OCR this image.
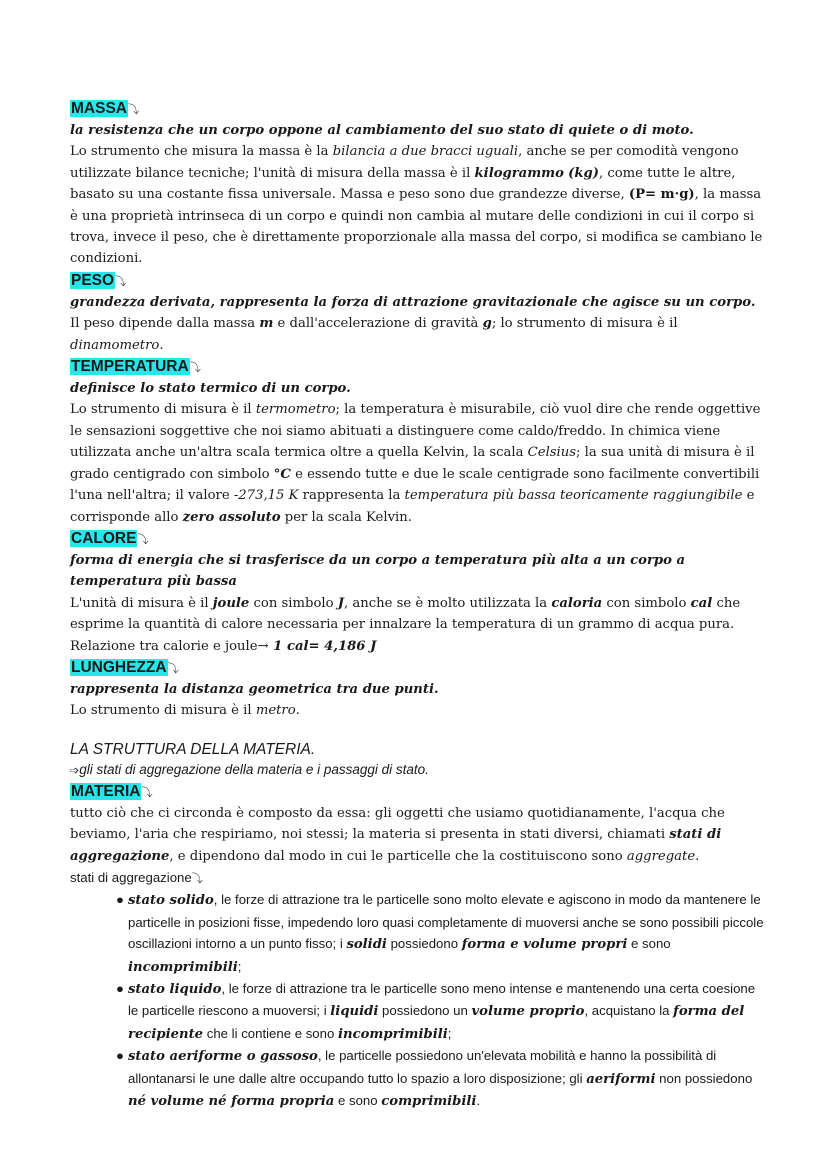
MASSA⤵

la resistenza che un corpo oppone al cambiamento del suo stato di quiete o di moto.

Lo strumento che misura la massa è la bilancia a due bracci uguali, anche se per comodità vengono utilizzate bilance tecniche; l'unità di misura della massa è il kilogrammo (kg), come tutte le altre, basato su una costante fissa universale. Massa e peso sono due grandezze diverse, (P= m·g), la massa è una proprietà intrinseca di un corpo e quindi non cambia al mutare delle condizioni in cui il corpo si trova, invece il peso, che è direttamente proporzionale alla massa del corpo, si modifica se cambiano le condizioni.

PESO⤵

grandezza derivata, rappresenta la forza di attrazione gravitazionale che agisce su un corpo.

Il peso dipende dalla massa m e dall'accelerazione di gravità g; lo strumento di misura è il dinamometro.

TEMPERATURA⤵

definisce lo stato termico di un corpo.

Lo strumento di misura è il termometro; la temperatura è misurabile, ciò vuol dire che rende oggettive le sensazioni soggettive che noi siamo abituati a distinguere come caldo/freddo. In chimica viene utilizzata anche un'altra scala termica oltre a quella Kelvin, la scala Celsius; la sua unità di misura è il grado centigrado con simbolo °C e essendo tutte e due le scale centigrade sono facilmente convertibili l'una nell'altra; il valore -273,15 K rappresenta la temperatura più bassa teoricamente raggiungibile e corrisponde allo zero assoluto per la scala Kelvin.

CALORE⤵

forma di energia che si trasferisce da un corpo a temperatura più alta a un corpo a temperatura più bassa

L'unità di misura è il joule con simbolo J, anche se è molto utilizzata la caloria con simbolo cal che esprime la quantità di calore necessaria per innalzare la temperatura di un grammo di acqua pura. Relazione tra calorie e joule→ 1 cal= 4,186 J

LUNGHEZZA⤵

rappresenta la distanza geometrica tra due punti.

Lo strumento di misura è il metro.

LA STRUTTURA DELLA MATERIA.

➩gli stati di aggregazione della materia e i passaggi di stato.

MATERIA⤵

tutto ciò che ci circonda è composto da essa: gli oggetti che usiamo quotidianamente, l'acqua che beviamo, l'aria che respiriamo, noi stessi; la materia si presenta in stati diversi, chiamati stati di aggregazione, e dipendono dal modo in cui le particelle che la costituiscono sono aggregate.

stati di aggregazione⤵

● stato solido, le forze di attrazione tra le particelle sono molto elevate e agiscono in modo da mantenere le particelle in posizioni fisse, impedendo loro quasi completamente di muoversi anche se sono possibili piccole oscillazioni intorno a un punto fisso; i solidi possiedono forma e volume propri e sono incomprimibili;
● stato liquido, le forze di attrazione tra le particelle sono meno intense e mantenendo una certa coesione le particelle riescono a muoversi; i liquidi possiedono un volume proprio, acquistano la forma del recipiente che li contiene e sono incomprimibili;
● stato aeriforme o gassoso, le particelle possiedono un'elevata mobilità e hanno la possibilità di allontanarsi le une dalle altre occupando tutto lo spazio a loro disposizione; gli aeriformi non possiedono né volume né forma propria e sono comprimibili.
